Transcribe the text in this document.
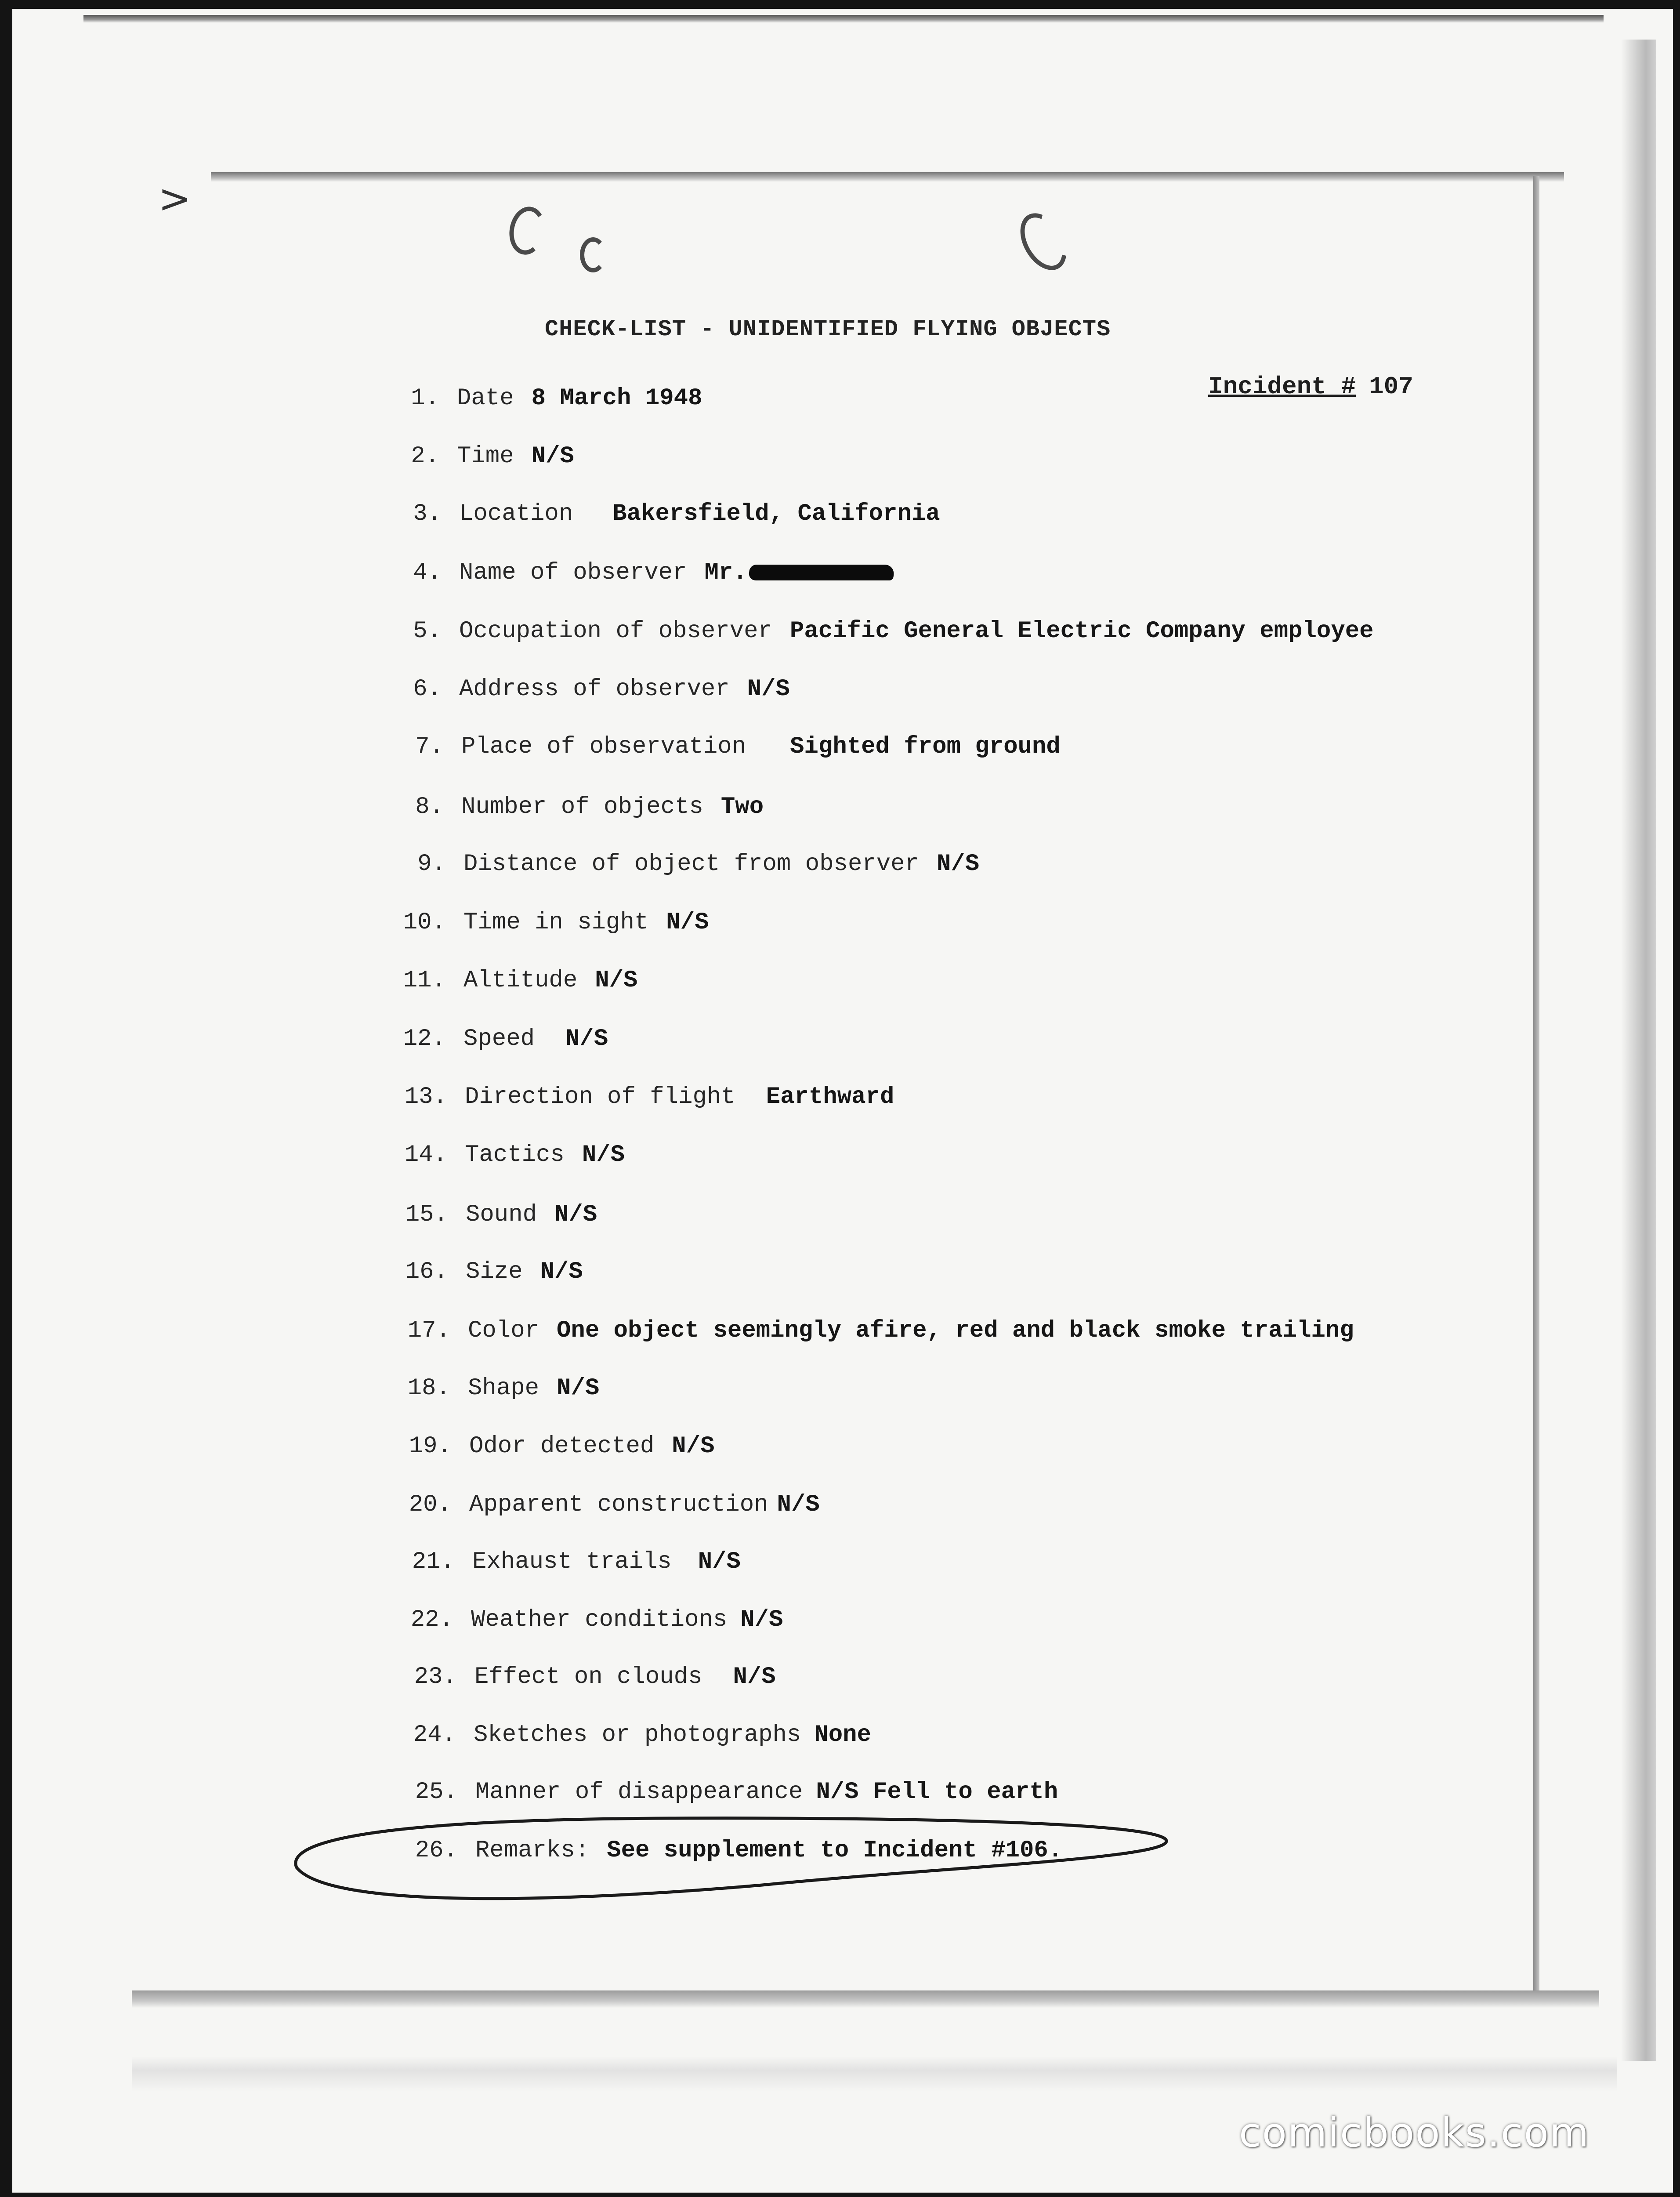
>
CHECK-LIST - UNIDENTIFIED FLYING OBJECTS
Incident # 107
1. Date 8 March 1948
2. Time N/S
3. Location Bakersfield, California
4. Name of observer Mr.
5. Occupation of observer Pacific General Electric Company employee
6. Address of observer N/S
7. Place of observation Sighted from ground
8. Number of objects Two
9. Distance of object from observer N/S
10. Time in sight N/S
11. Altitude N/S
12. Speed N/S
13. Direction of flight Earthward
14. Tactics N/S
15. Sound N/S
16. Size N/S
17. Color One object seemingly afire, red and black smoke trailing
18. Shape N/S
19. Odor detected N/S
20. Apparent construction N/S
21. Exhaust trails N/S
22. Weather conditions N/S
23. Effect on clouds N/S
24. Sketches or photographs None
25. Manner of disappearance N/S Fell to earth
26. Remarks: See supplement to Incident #106.
comicbooks.com
